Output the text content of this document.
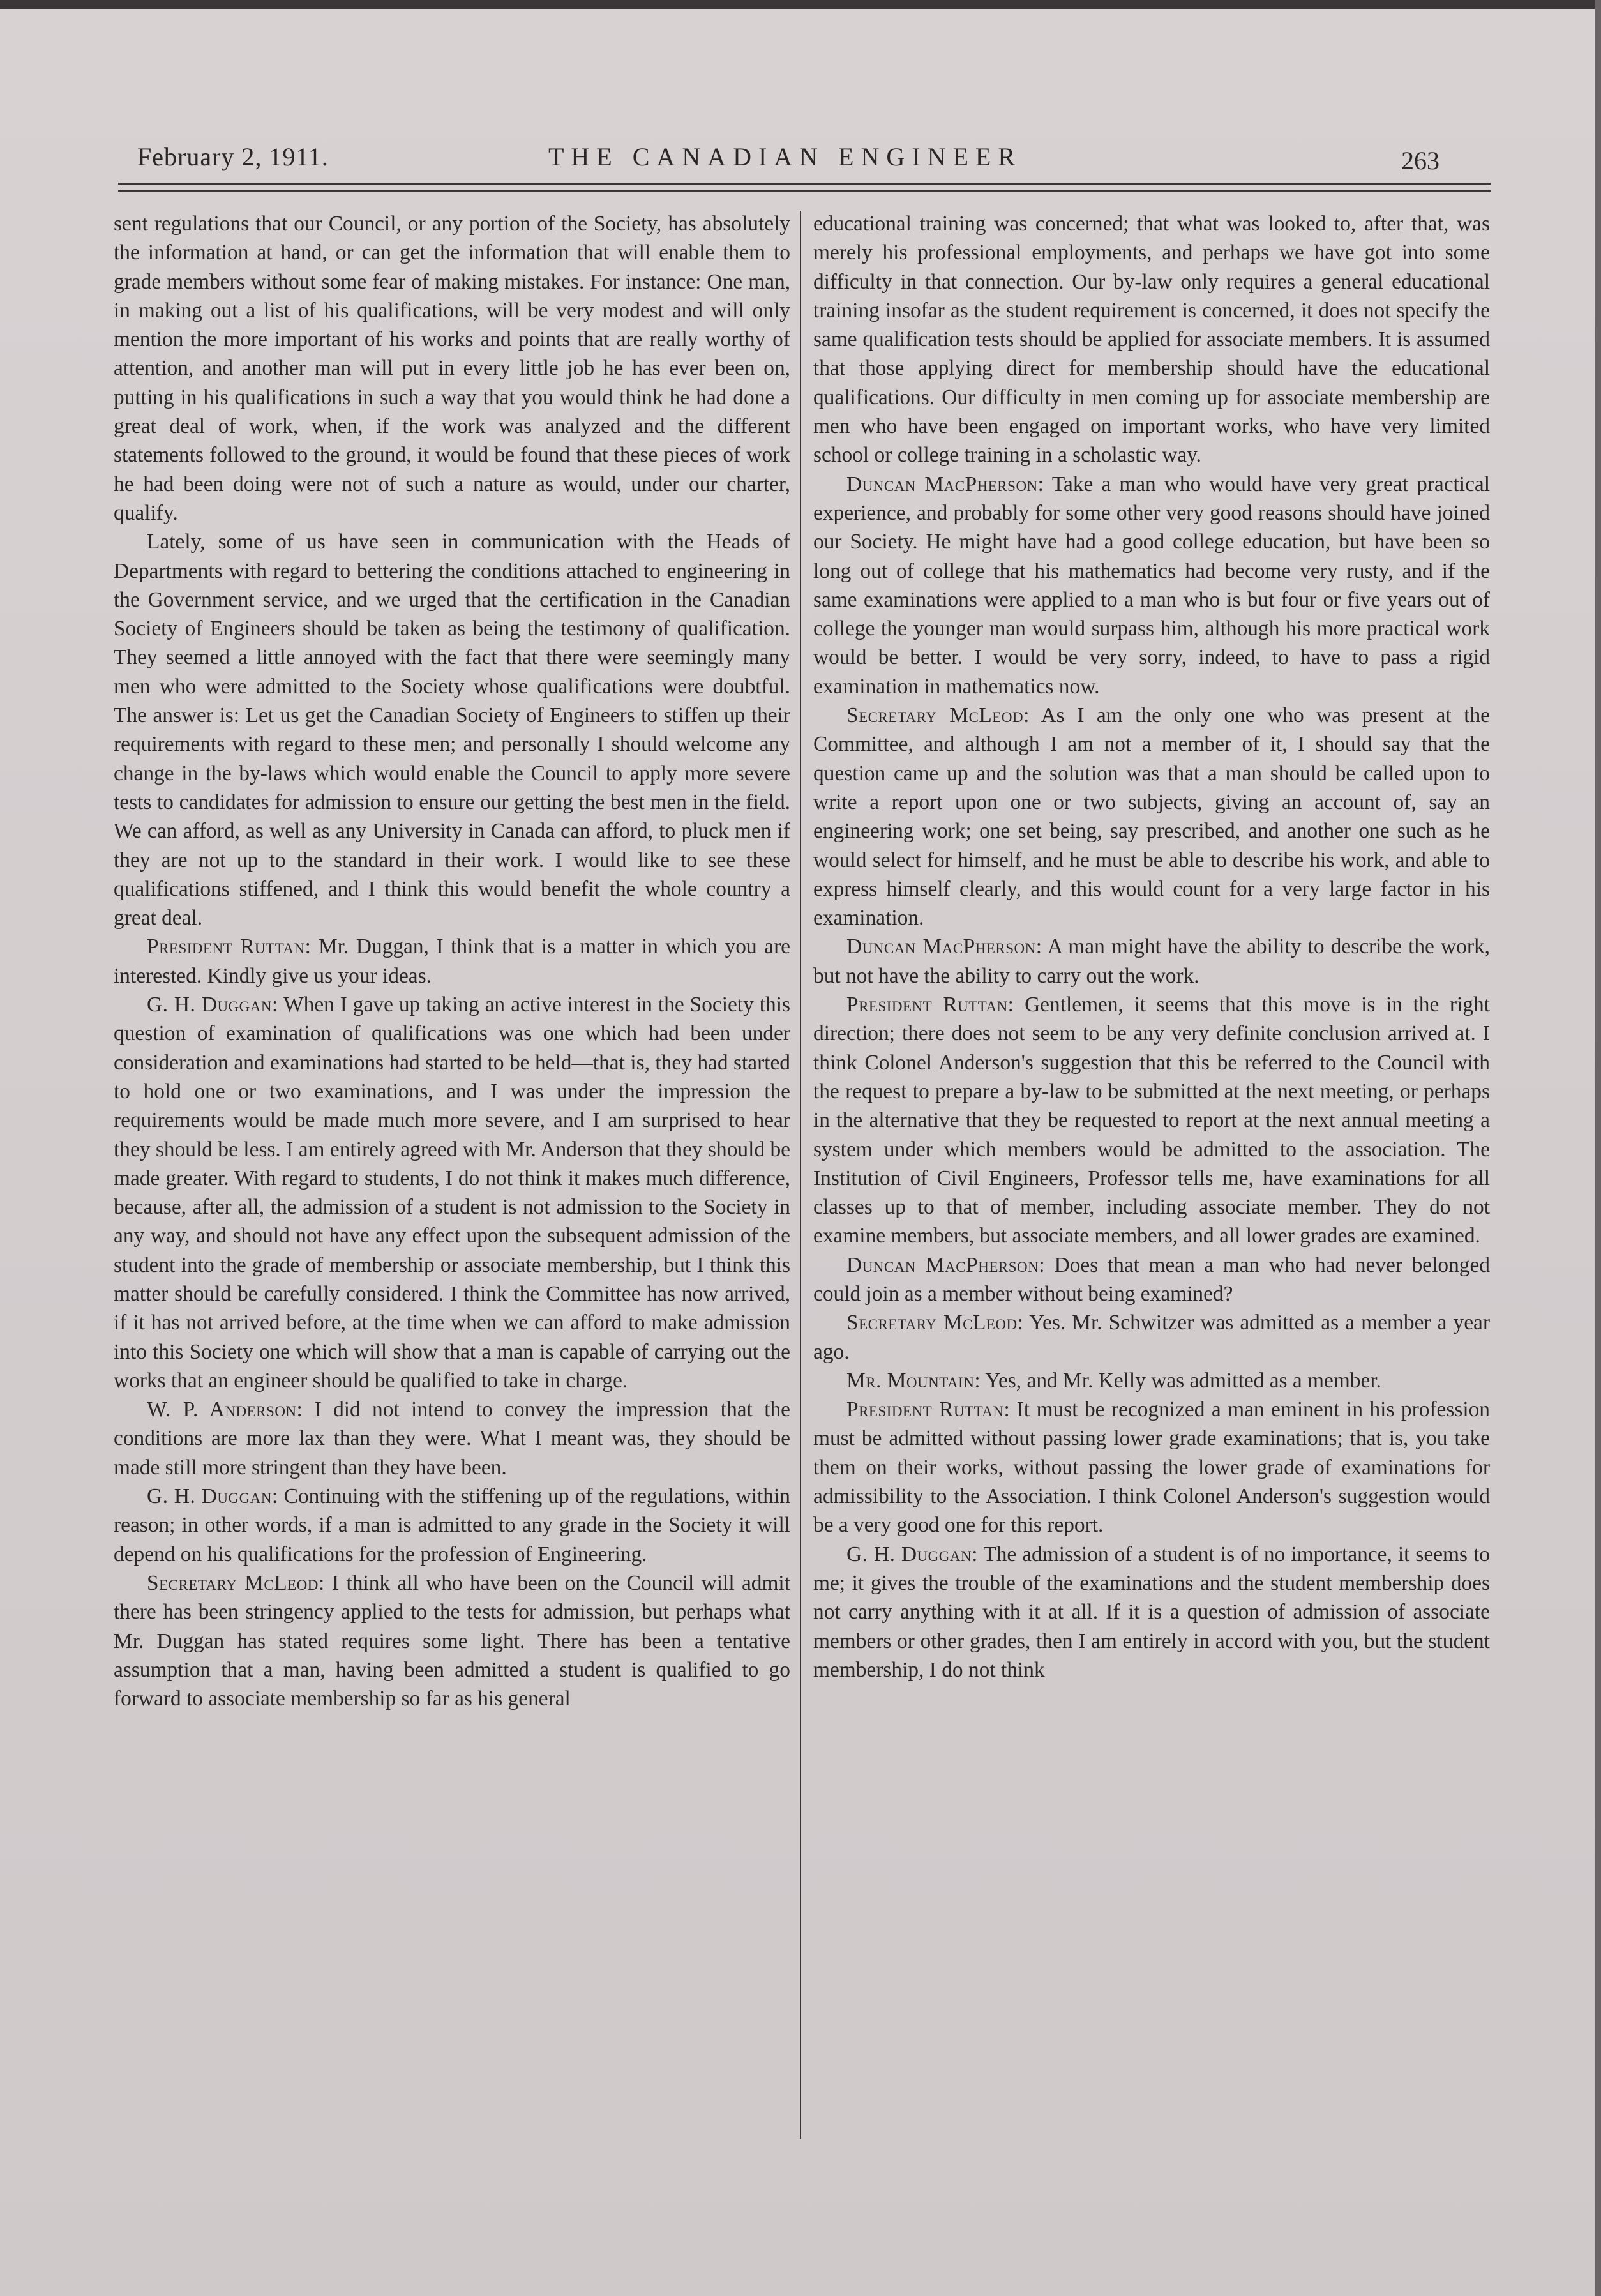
THE CANADIAN ENGINEER
February 2, 1911.	263

sent regulations that our Council, or any portion of the Society, has absolutely the information at hand, or can get the information that will enable them to grade members without some fear of making mistakes. For instance: One man, in making out a list of his qualifications, will be very modest and will only mention the more important of his works and points that are really worthy of attention, and another man will put in every little job he has ever been on, putting in his qualifications in such a way that you would think he had done a great deal of work, when, if the work was analyzed and the different statements followed to the ground, it would be found that these pieces of work he had been doing were not of such a nature as would, under our charter, qualify.

Lately, some of us have seen in communication with the Heads of Departments with regard to bettering the conditions attached to engineering in the Government service, and we urged that the certification in the Canadian Society of Engineers should be taken as being the testimony of qualification. They seemed a little annoyed with the fact that there were seemingly many men who were admitted to the Society whose qualifications were doubtful. The answer is: Let us get the Canadian Society of Engineers to stiffen up their requirements with regard to these men; and personally I should welcome any change in the by-laws which would enable the Council to apply more severe tests to candidates for admission to ensure our getting the best men in the field. We can afford, as well as any University in Canada can afford, to pluck men if they are not up to the standard in their work. I would like to see these qualifications stiffened, and I think this would benefit the whole country a great deal.

President Ruttan: Mr. Duggan, I think that is a matter in which you are interested. Kindly give us your ideas.

G. H. Duggan: When I gave up taking an active interest in the Society this question of examination of qualifications was one which had been under consideration and examinations had started to be held—that is, they had started to hold one or two examinations, and I was under the impression the requirements would be made much more severe, and I am surprised to hear they should be less. I am entirely agreed with Mr. Anderson that they should be made greater. With regard to students, I do not think it makes much difference, because, after all, the admission of a student is not admission to the Society in any way, and should not have any effect upon the subsequent admission of the student into the grade of membership or associate membership, but I think this matter should be carefully considered. I think the Committee has now arrived, if it has not arrived before, at the time when we can afford to make admission into this Society one which will show that a man is capable of carrying out the works that an engineer should be qualified to take in charge.

W. P. Anderson: I did not intend to convey the impression that the conditions are more lax than they were. What I meant was, they should be made still more stringent than they have been.

G. H. Duggan: Continuing with the stiffening up of the regulations, within reason; in other words, if a man is admitted to any grade in the Society it will depend on his qualifications for the profession of Engineering.

Secretary McLeod: I think all who have been on the Council will admit there has been stringency applied to the tests for admission, but perhaps what Mr. Duggan has stated requires some light. There has been a tentative assumption that a man, having been admitted a student is qualified to go forward to associate membership so far as his general

educational training was concerned; that what was looked to, after that, was merely his professional employments, and perhaps we have got into some difficulty in that connection. Our by-law only requires a general educational training insofar as the student requirement is concerned, it does not specify the same qualification tests should be applied for associate members. It is assumed that those applying direct for membership should have the educational qualifications. Our difficulty in men coming up for associate membership are men who have been engaged on important works, who have very limited school or college training in a scholastic way.

Duncan MacPherson: Take a man who would have very great practical experience, and probably for some other very good reasons should have joined our Society. He might have had a good college education, but have been so long out of college that his mathematics had become very rusty, and if the same examinations were applied to a man who is but four or five years out of college the younger man would surpass him, although his more practical work would be better. I would be very sorry, indeed, to have to pass a rigid examination in mathematics now.

Secretary McLeod: As I am the only one who was present at the Committee, and although I am not a member of it, I should say that the question came up and the solution was that a man should be called upon to write a report upon one or two subjects, giving an account of, say an engineering work; one set being, say prescribed, and another one such as he would select for himself, and he must be able to describe his work, and able to express himself clearly, and this would count for a very large factor in his examination.

Duncan MacPherson: A man might have the ability to describe the work, but not have the ability to carry out the work.

President Ruttan: Gentlemen, it seems that this move is in the right direction; there does not seem to be any very definite conclusion arrived at. I think Colonel Anderson's suggestion that this be referred to the Council with the request to prepare a by-law to be submitted at the next meeting, or perhaps in the alternative that they be requested to report at the next annual meeting a system under which members would be admitted to the association. The Institution of Civil Engineers, Professor tells me, have examinations for all classes up to that of member, including associate member. They do not examine members, but associate members, and all lower grades are examined.

Duncan MacPherson: Does that mean a man who had never belonged could join as a member without being examined?

Secretary McLeod: Yes. Mr. Schwitzer was admitted as a member a year ago.

Mr. Mountain: Yes, and Mr. Kelly was admitted as a member.

President Ruttan: It must be recognized a man eminent in his profession must be admitted without passing lower grade examinations; that is, you take them on their works, without passing the lower grade of examinations for admissibility to the Association. I think Colonel Anderson's suggestion would be a very good one for this report.

G. H. Duggan: The admission of a student is of no importance, it seems to me; it gives the trouble of the examinations and the student membership does not carry anything with it at all. If it is a question of admission of associate members or other grades, then I am entirely in accord with you, but the student membership, I do not think
